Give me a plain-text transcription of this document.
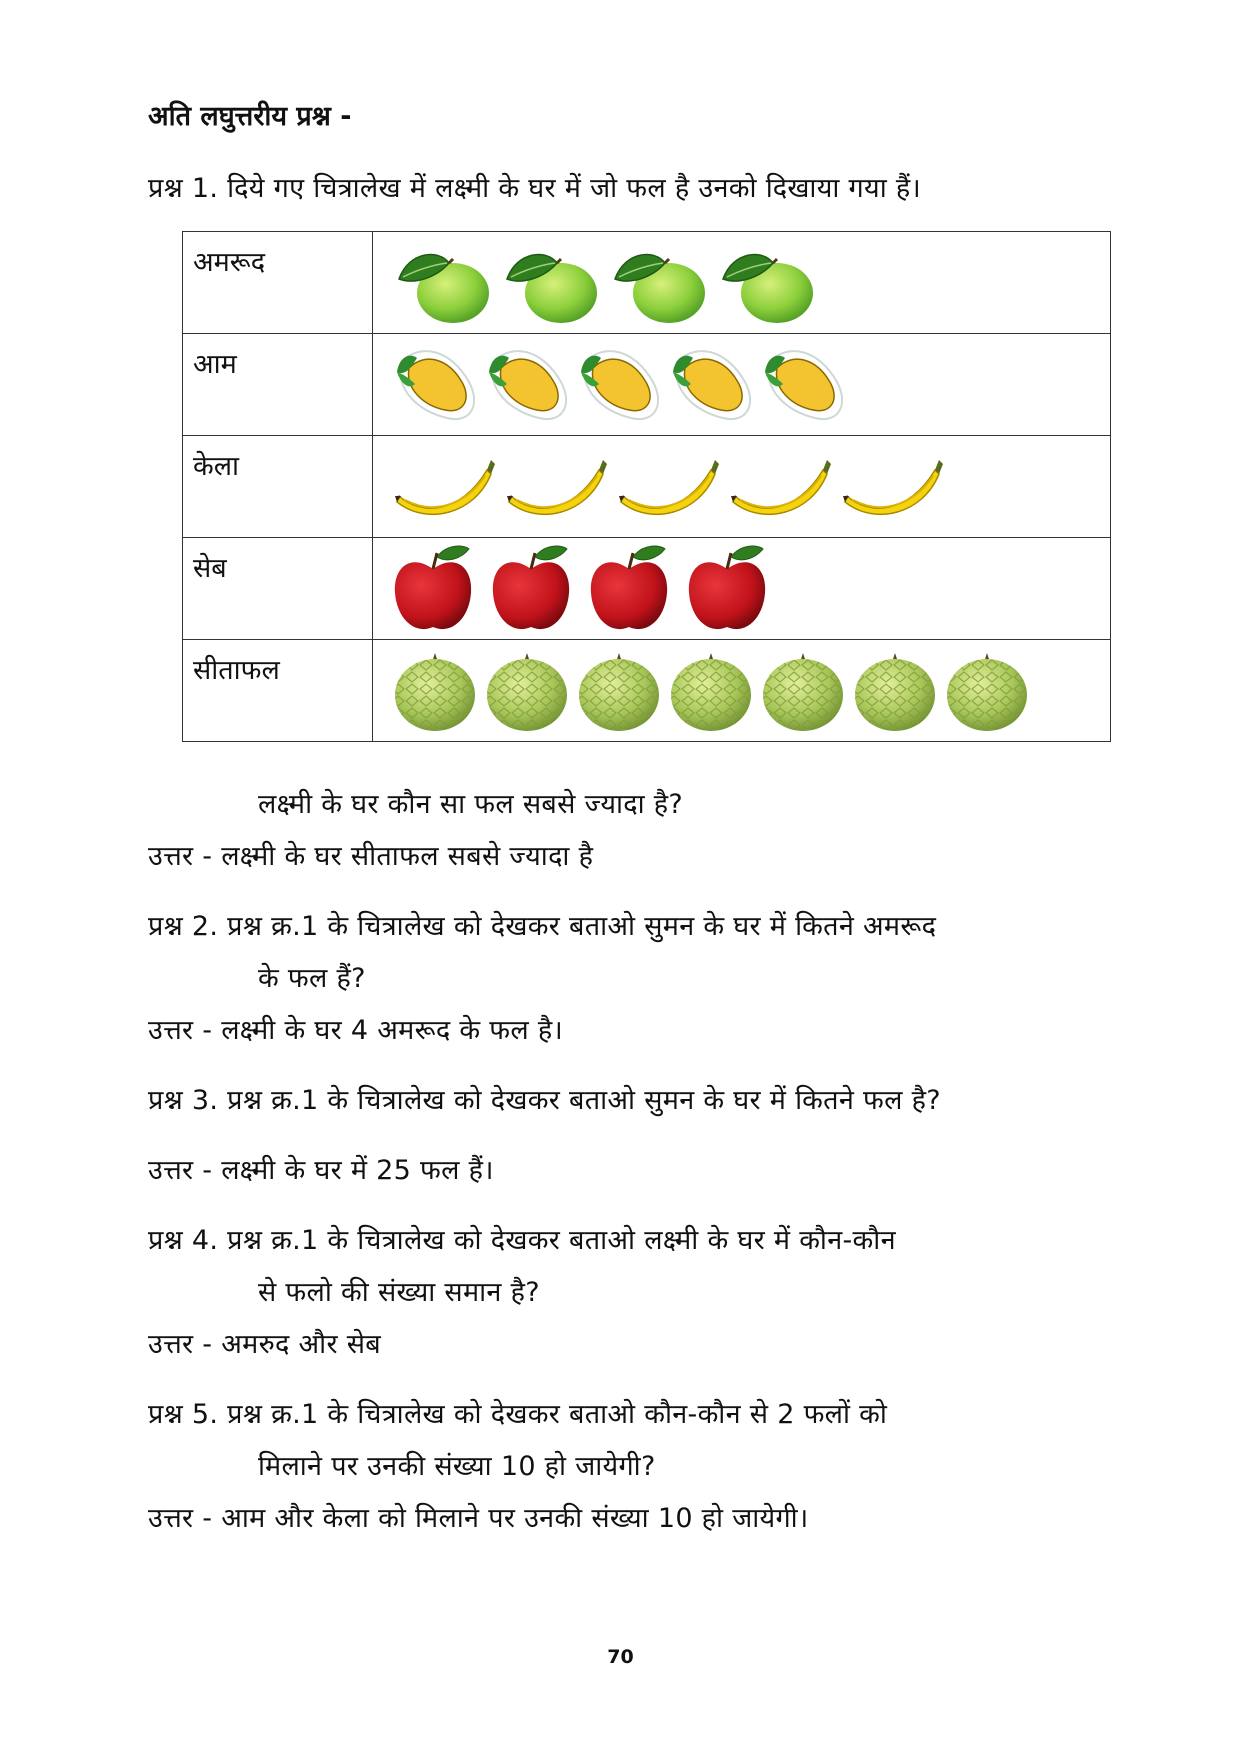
अति लघुत्तरीय प्रश्न -
प्रश्न 1. दिये गए चित्रालेख में लक्ष्मी के घर में जो फल है उनको दिखाया गया हैं।
अमरूद	

आम	

केला	

सेब	

सीताफल	
लक्ष्मी के घर कौन सा फल सबसे ज्यादा है?
उत्तर - लक्ष्मी के घर सीताफल सबसे ज्यादा है
प्रश्न 2. प्रश्न क्र.1 के चित्रालेख को देखकर बताओ सुमन के घर में कितने अमरूद
के फल हैं?
उत्तर - लक्ष्मी के घर 4 अमरूद के फल है।
प्रश्न 3. प्रश्न क्र.1 के चित्रालेख को देखकर बताओ सुमन के घर में कितने फल है?
उत्तर - लक्ष्मी के घर में 25 फल हैं।
प्रश्न 4. प्रश्न क्र.1 के चित्रालेख को देखकर बताओ लक्ष्मी के घर में कौन-कौन
से फलो की संख्या समान है?
उत्तर - अमरुद और सेब
प्रश्न 5. प्रश्न क्र.1 के चित्रालेख को देखकर बताओ कौन-कौन से 2 फलों को
मिलाने पर उनकी संख्या 10 हो जायेगी?
उत्तर - आम और केला को मिलाने पर उनकी संख्या 10 हो जायेगी।
70
